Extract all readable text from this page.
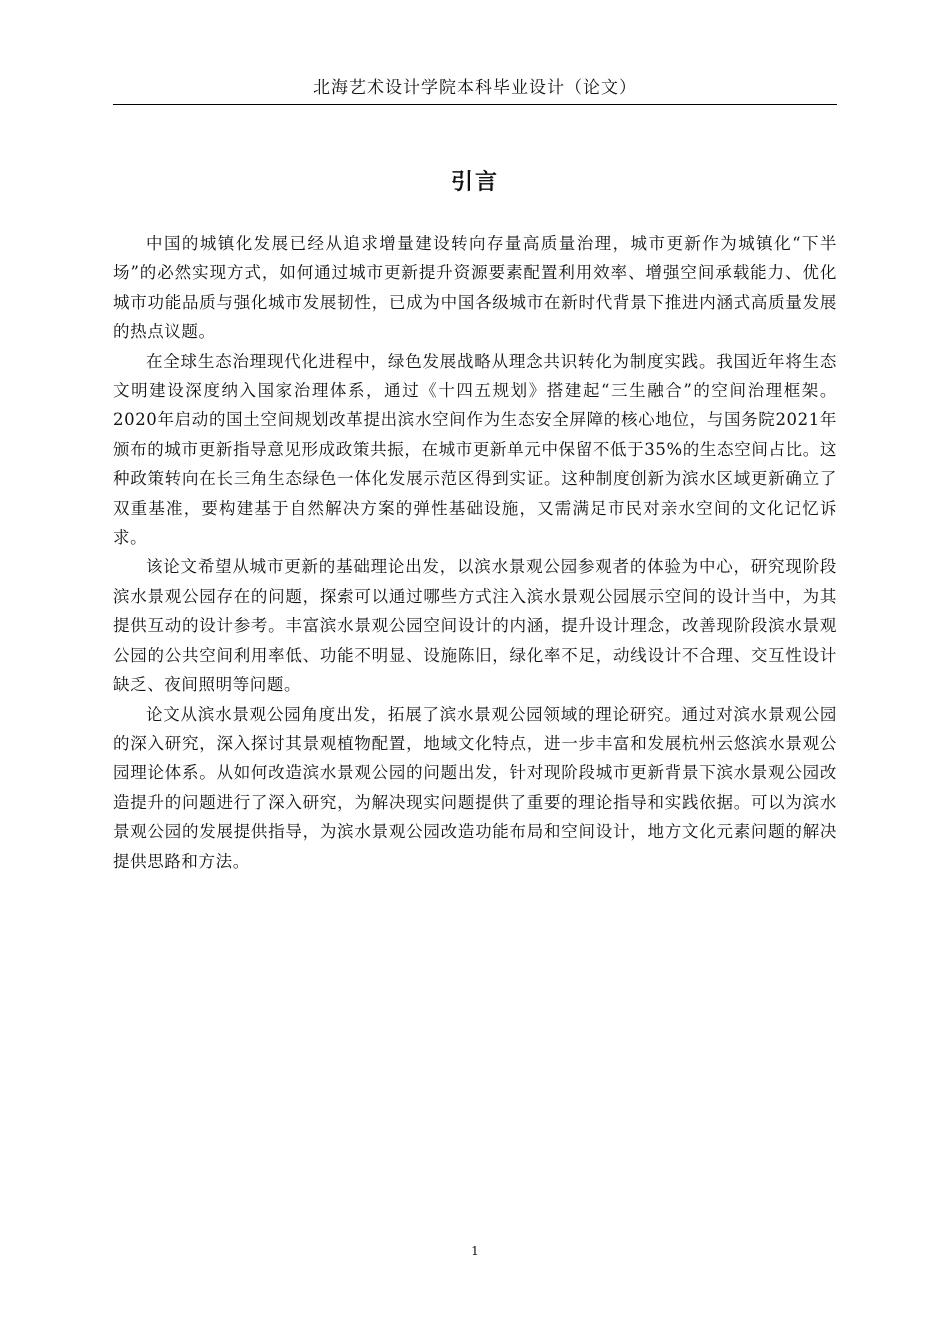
北海艺术设计学院本科毕业设计（论文）
引言

中国的城镇化发展已经从追求增量建设转向存量高质量治理，城市更新作为城镇化“下半场”的必然实现方式，如何通过城市更新提升资源要素配置利用效率、增强空间承载能力、优化城市功能品质与强化城市发展韧性，已成为中国各级城市在新时代背景下推进内涵式高质量发展的热点议题。

在全球生态治理现代化进程中，绿色发展战略从理念共识转化为制度实践。我国近年将生态文明建设深度纳入国家治理体系，通过《十四五规划》搭建起“三生融合”的空间治理框架。2020年启动的国土空间规划改革提出滨水空间作为生态安全屏障的核心地位，与国务院2021年颁布的城市更新指导意见形成政策共振，在城市更新单元中保留不低于35%的生态空间占比。这种政策转向在长三角生态绿色一体化发展示范区得到实证。这种制度创新为滨水区域更新确立了双重基准，要构建基于自然解决方案的弹性基础设施，又需满足市民对亲水空间的文化记忆诉求。

该论文希望从城市更新的基础理论出发，以滨水景观公园参观者的体验为中心，研究现阶段滨水景观公园存在的问题，探索可以通过哪些方式注入滨水景观公园展示空间的设计当中，为其提供互动的设计参考。丰富滨水景观公园空间设计的内涵，提升设计理念，改善现阶段滨水景观公园的公共空间利用率低、功能不明显、设施陈旧，绿化率不足，动线设计不合理、交互性设计缺乏、夜间照明等问题。

论文从滨水景观公园角度出发，拓展了滨水景观公园领域的理论研究。通过对滨水景观公园的深入研究，深入探讨其景观植物配置，地域文化特点，进一步丰富和发展杭州云悠滨水景观公园理论体系。从如何改造滨水景观公园的问题出发，针对现阶段城市更新背景下滨水景观公园改造提升的问题进行了深入研究，为解决现实问题提供了重要的理论指导和实践依据。可以为滨水景观公园的发展提供指导，为滨水景观公园改造功能布局和空间设计，地方文化元素问题的解决提供思路和方法。

1
